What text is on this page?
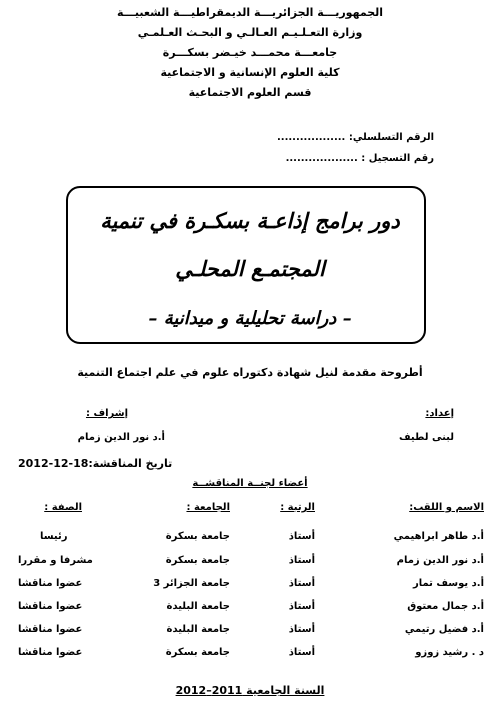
الجمهوريـــة الجزائريـــة الديمقراطيـــة الشعبيـــة
وزارة التعـلـيـم العـالـي و البحـث العـلمـي
جامعـــة محمـــد خيـضر بسكـــرة
كلية العلوم الإنسانية و الاجتماعية
قسم العلوم الاجتماعية
الرقم التسلسلي: ..................
رقم التسجيل : ...................
دور برامج إذاعـة بسكـرة في تنمية
المجتمـع المحلـي
– دراسة تحليلية و ميدانية –
أطروحة مقدمة لنيل شهادة دكتوراه علوم في علم اجتماع التنمية
إعداد:
لبنى لطيف
إشراف :
أ.د نور الدين زمام
تاريخ المناقشة:18-12-2012
أعضاء لجنــة المناقشــة
الاسم و اللقب:
الرتبة :
الجامعة :
الصفة :
أ.د طاهر ابراهيمي
أستاذ
جامعة بسكرة
رئيسا
أ.د نور الدين زمام
أستاذ
جامعة بسكرة
مشرفا و مقررا
أ.د يوسف تمار
أستاذ
جامعة الجزائر 3
عضوا مناقشا
أ.د جمال معتوق
أستاذ
جامعة البليدة
عضوا مناقشا
أ.د فضيل رتيمي
أستاذ
جامعة البليدة
عضوا مناقشا
د . رشيد زوزو
أستاذ
جامعة بسكرة
عضوا مناقشا
السنة الجامعية 2011–2012
